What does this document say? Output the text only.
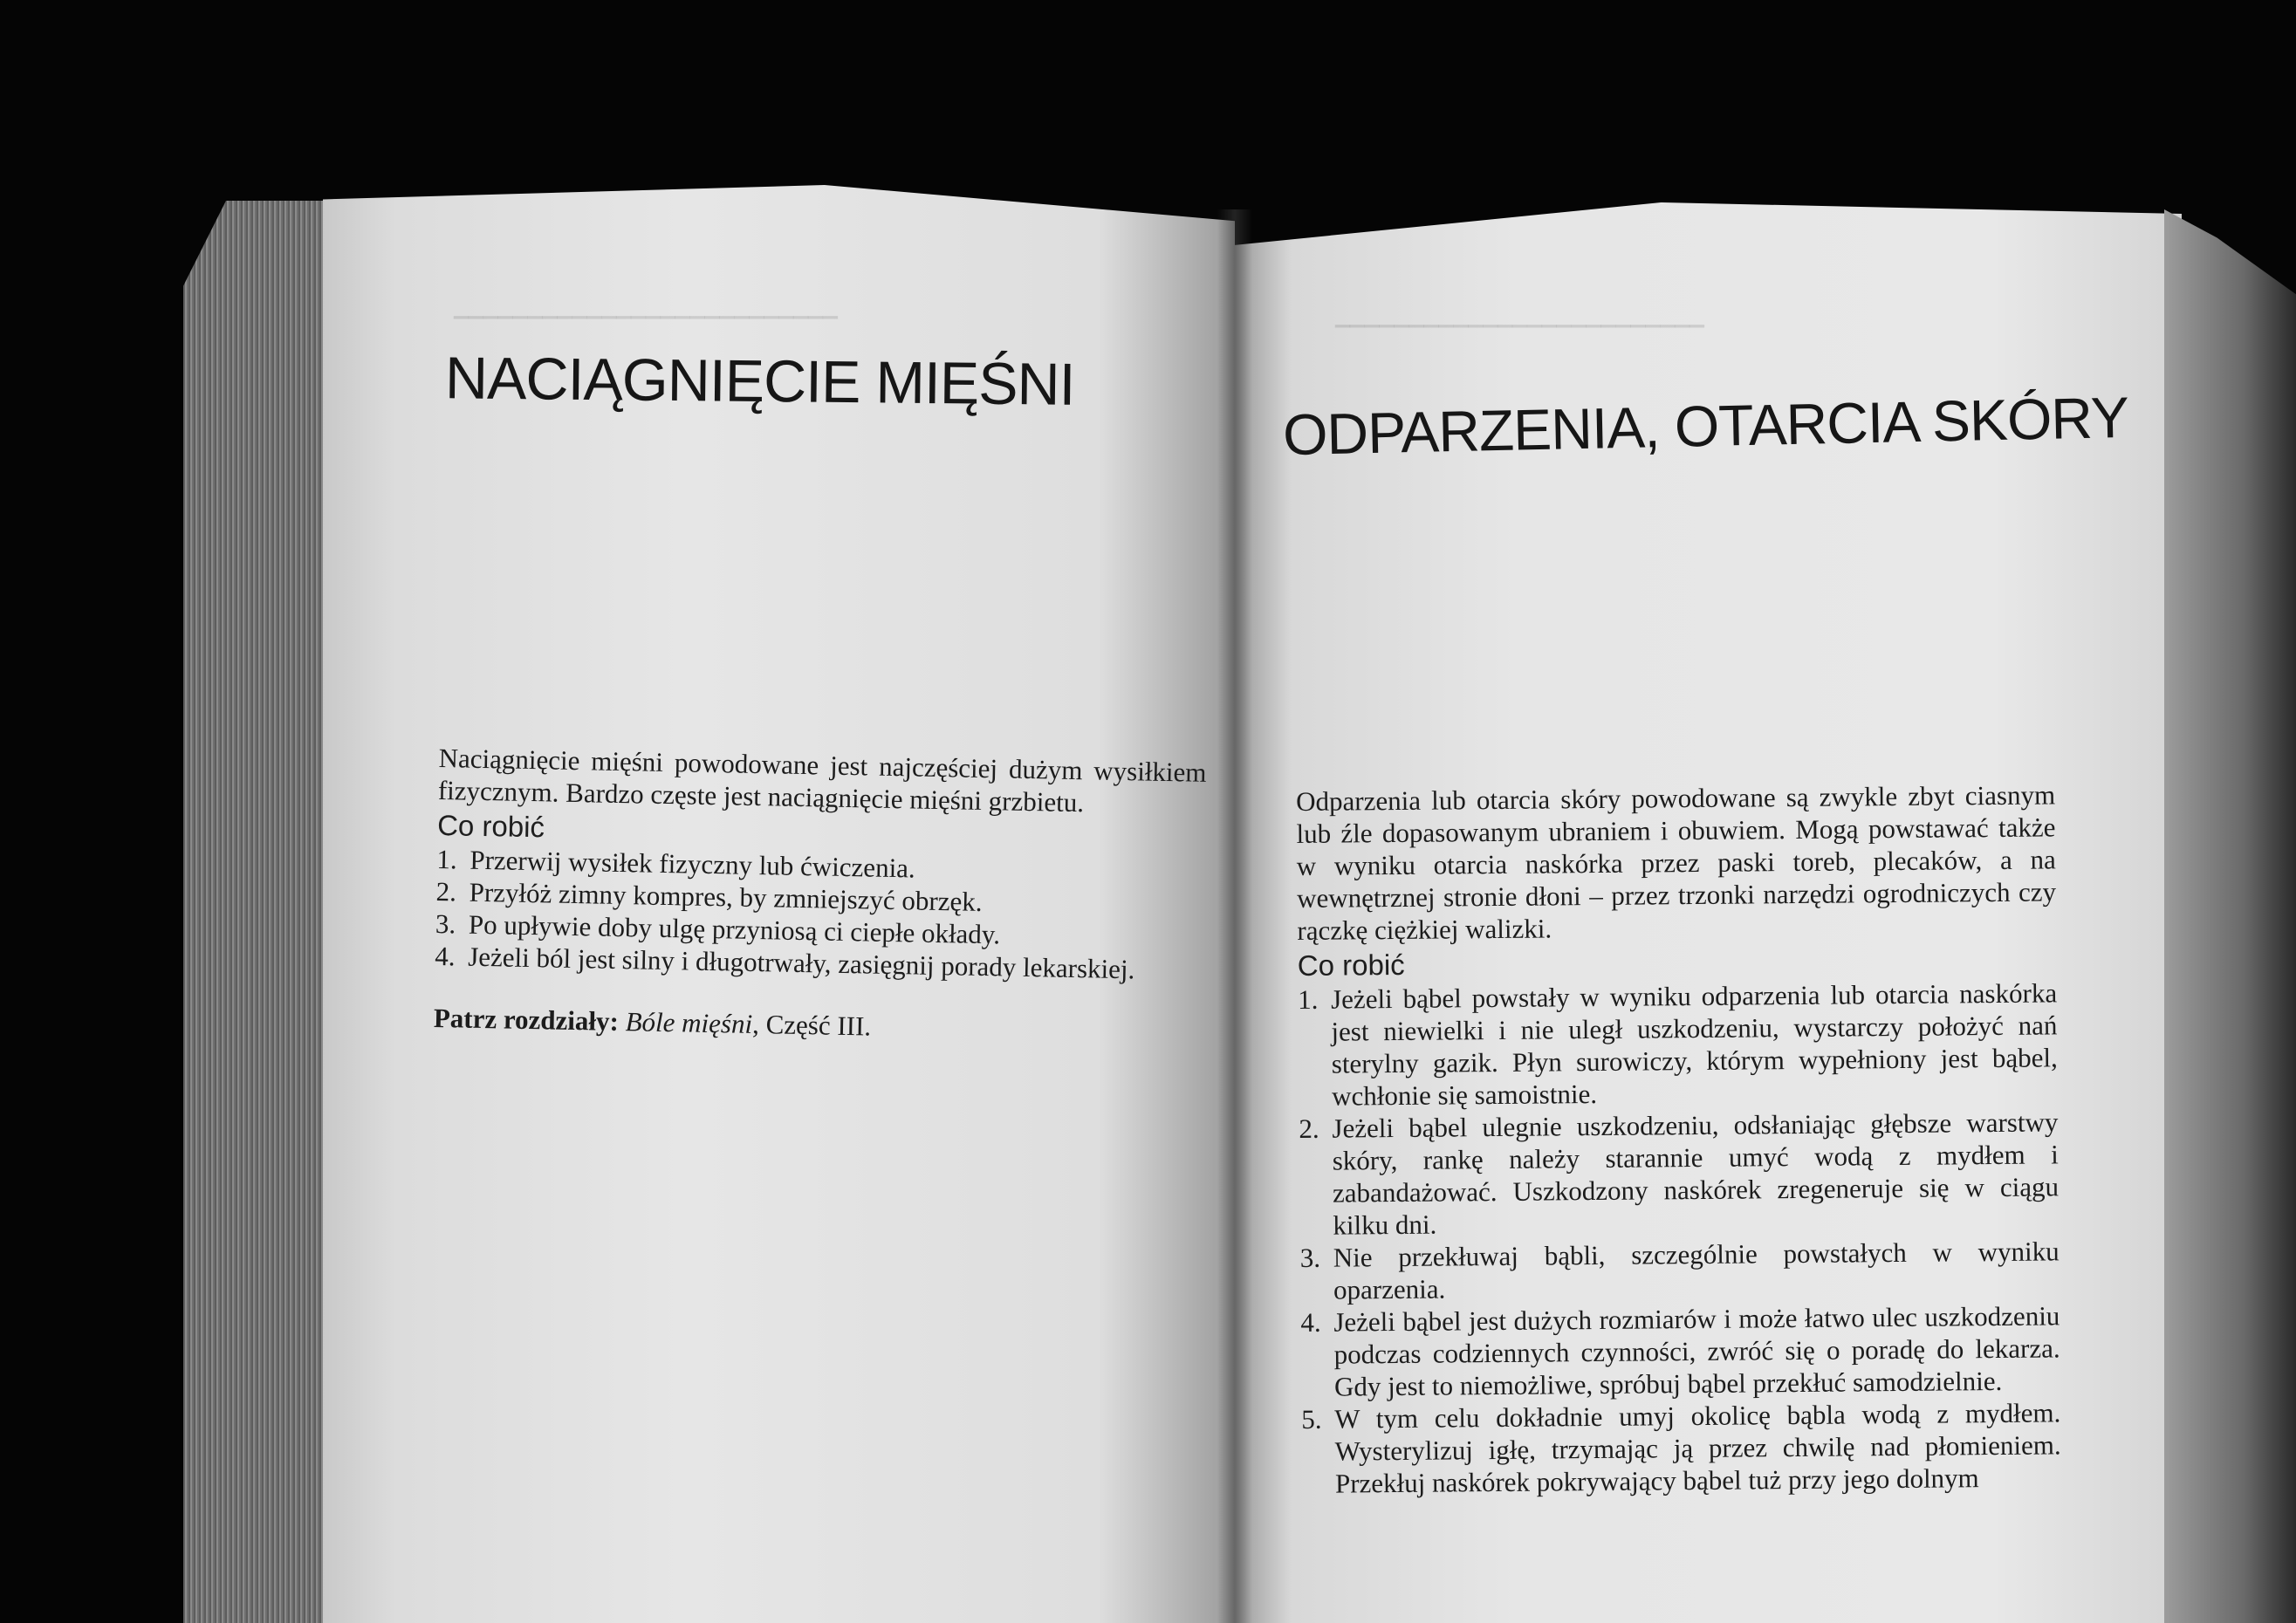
▁▁▁▁▁▁▁▁▁▁▁▁▁▁▁▁▁▁▁▁▁▁▁▁▁▁	▁▁▁▁▁▁▁▁▁▁▁▁▁▁▁▁▁▁▁▁▁▁▁▁▁
NACIĄGNIĘCIE MIĘŚNI

Naciągnięcie mięśni powodowane jest najczęściej dużym wysiłkiem fizycznym. Bardzo częste jest naciągnięcie mięśni grzbietu.

Co robić
1. Przerwij wysiłek fizyczny lub ćwiczenia.
2. Przyłóż zimny kompres, by zmniejszyć obrzęk.
3. Po upływie doby ulgę przyniosą ci ciepłe okłady.
4. Jeżeli ból jest silny i długotrwały, zasięgnij porady lekarskiej.

Patrz rozdziały: Bóle mięśni, Część III.

ODPARZENIA, OTARCIA SKÓRY

Odparzenia lub otarcia skóry powodowane są zwykle zbyt ciasnym lub źle dopasowanym ubraniem i obuwiem. Mogą powstawać także w wyniku otarcia naskórka przez paski toreb, plecaków, a na wewnętrznej stronie dłoni – przez trzonki narzędzi ogrodniczych czy rączkę ciężkiej walizki.

Co robić
1. Jeżeli bąbel powstały w wyniku odparzenia lub otarcia naskórka jest niewielki i nie uległ uszkodzeniu, wystarczy położyć nań sterylny gazik. Płyn surowiczy, którym wypełniony jest bąbel, wchłonie się samoistnie.
2. Jeżeli bąbel ulegnie uszkodzeniu, odsłaniając głębsze warstwy skóry, rankę należy starannie umyć wodą z mydłem i zabandażować. Uszkodzony naskórek zregeneruje się w ciągu kilku dni.
3. Nie przekłuwaj bąbli, szczególnie powstałych w wyniku oparzenia.
4. Jeżeli bąbel jest dużych rozmiarów i może łatwo ulec uszkodzeniu podczas codziennych czynności, zwróć się o poradę do lekarza. Gdy jest to niemożliwe, spróbuj bąbel przekłuć samodzielnie.
5. W tym celu dokładnie umyj okolicę bąbla wodą z mydłem. Wysterylizuj igłę, trzymając ją przez chwilę nad płomieniem. Przekłuj naskórek pokrywający bąbel tuż przy jego dolnym
